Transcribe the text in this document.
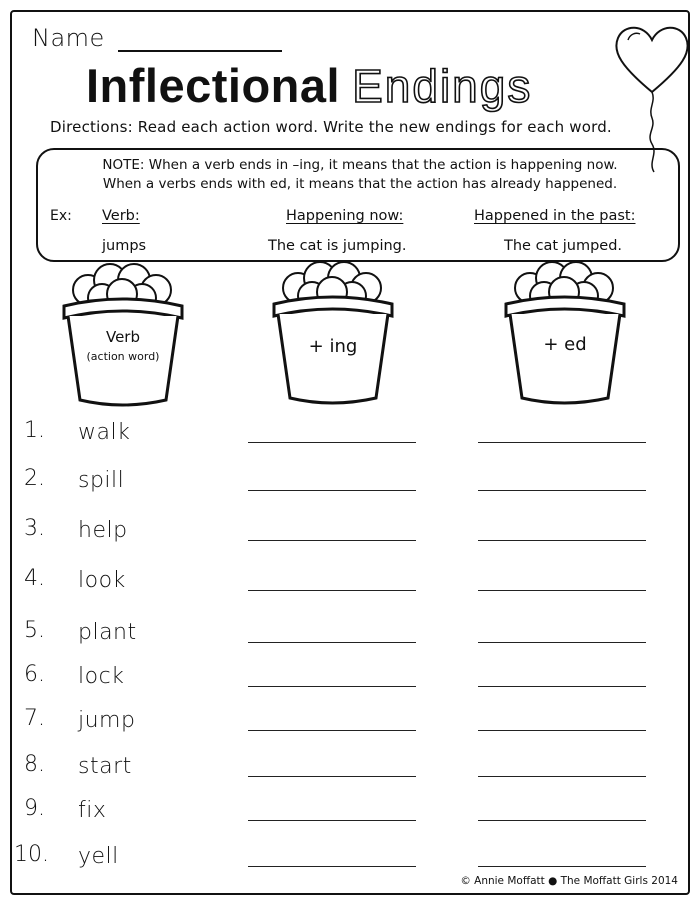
Name
Inflectional Endings
Directions: Read each action word. Write the new endings for each word.
NOTE: When a verb ends in –ing, it means that the action is happening now.
When a verbs ends with ed, it means that the action has already happened.
Ex: Verb:	Happening now:	Happened in the past:
jumps	The cat is jumping.	The cat jumped.
Verb
(action word)	+ ing	+ ed
1. walk
2. spill
3. help
4. look
5. plant
6. lock
7. jump
8. start
9. fix
10. yell
© Annie Moffatt ● The Moffatt Girls 2014
